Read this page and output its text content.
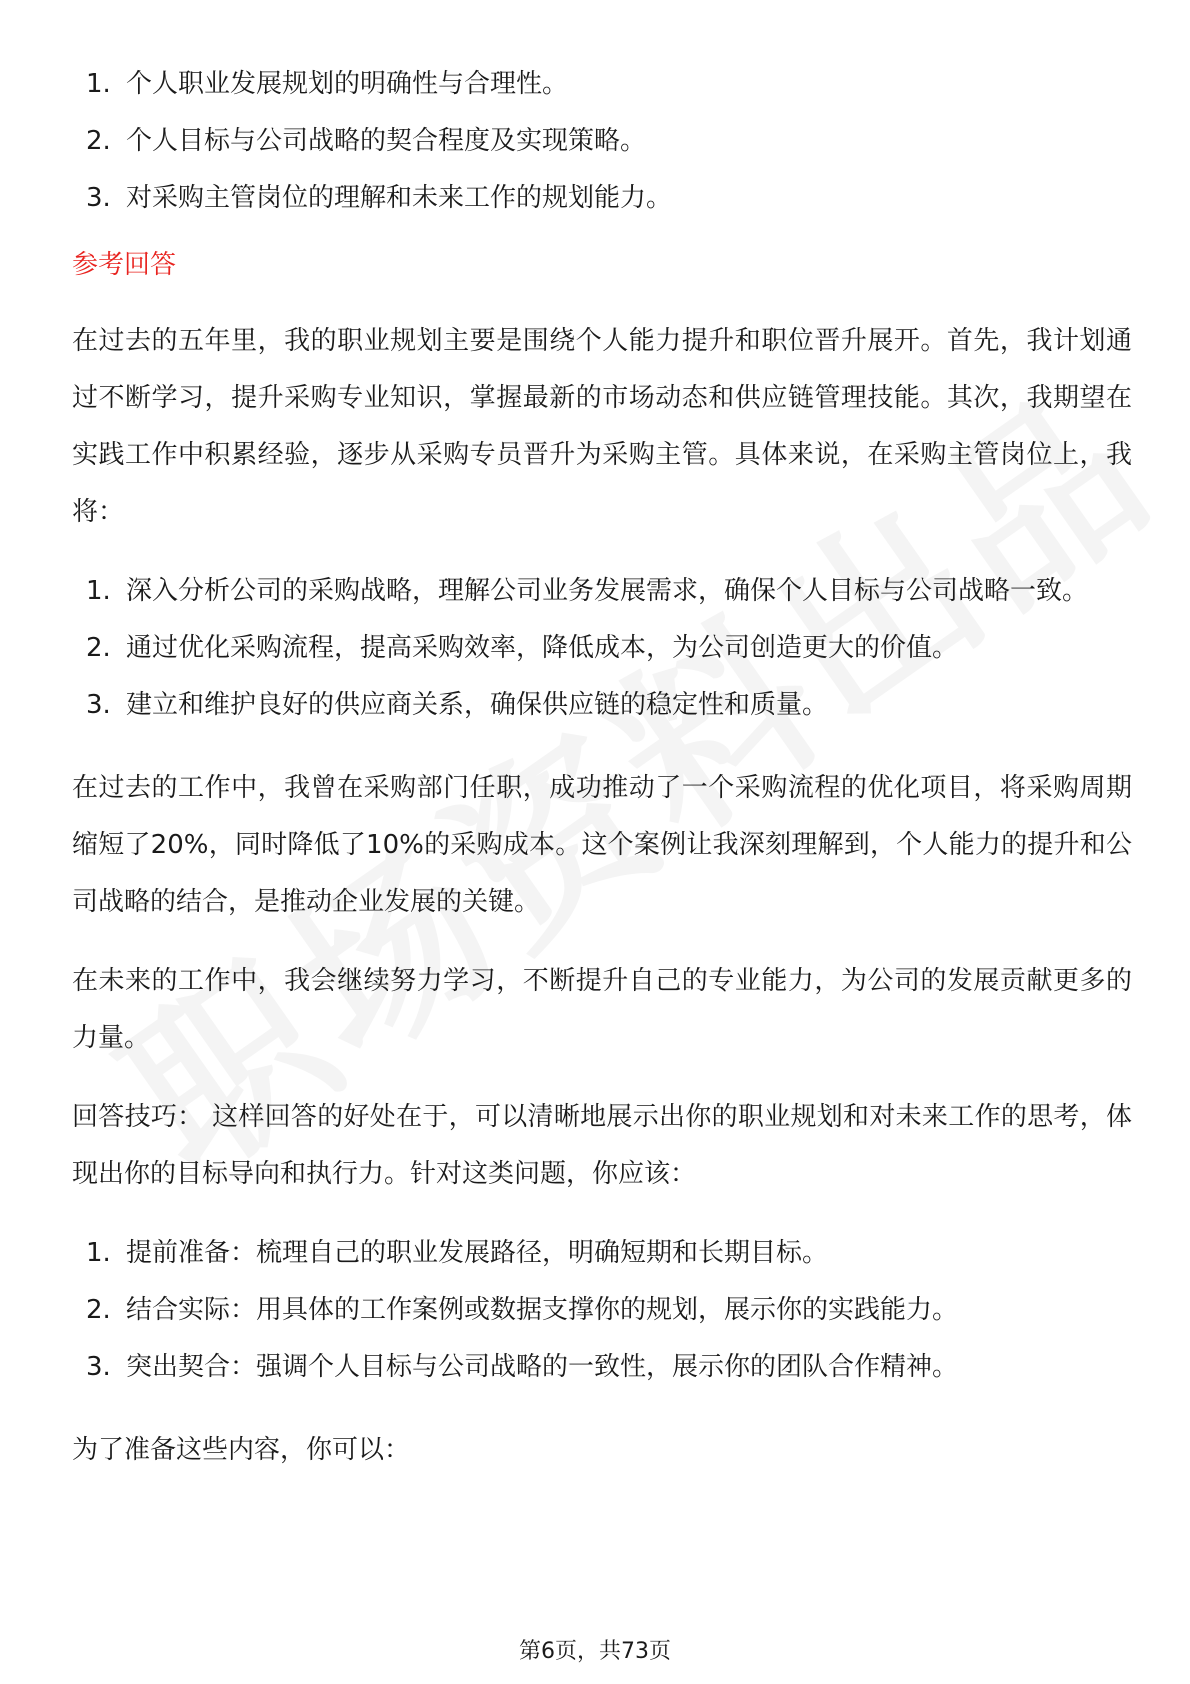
1. 个人职业发展规划的明确性与合理性。
2. 个人目标与公司战略的契合程度及实现策略。
3. 对采购主管岗位的理解和未来工作的规划能力。
参考回答

在过去的五年里，我的职业规划主要是围绕个人能力提升和职位晋升展开。首先，我计划通过不断学习，提升采购专业知识，掌握最新的市场动态和供应链管理技能。其次，我期望在实践工作中积累经验，逐步从采购专员晋升为采购主管。具体来说，在采购主管岗位上，我将：

1. 深入分析公司的采购战略，理解公司业务发展需求，确保个人目标与公司战略一致。
2. 通过优化采购流程，提高采购效率，降低成本，为公司创造更大的价值。
3. 建立和维护良好的供应商关系，确保供应链的稳定性和质量。

在过去的工作中，我曾在采购部门任职，成功推动了一个采购流程的优化项目，将采购周期缩短了20%，同时降低了10%的采购成本。这个案例让我深刻理解到，个人能力的提升和公司战略的结合，是推动企业发展的关键。

在未来的工作中，我会继续努力学习，不断提升自己的专业能力，为公司的发展贡献更多的力量。

回答技巧： 这样回答的好处在于，可以清晰地展示出你的职业规划和对未来工作的思考，体现出你的目标导向和执行力。针对这类问题，你应该：

1. 提前准备：梳理自己的职业发展路径，明确短期和长期目标。
2. 结合实际：用具体的工作案例或数据支撑你的规划，展示你的实践能力。
3. 突出契合：强调个人目标与公司战略的一致性，展示你的团队合作精神。

为了准备这些内容，你可以：

第6页，共73页
